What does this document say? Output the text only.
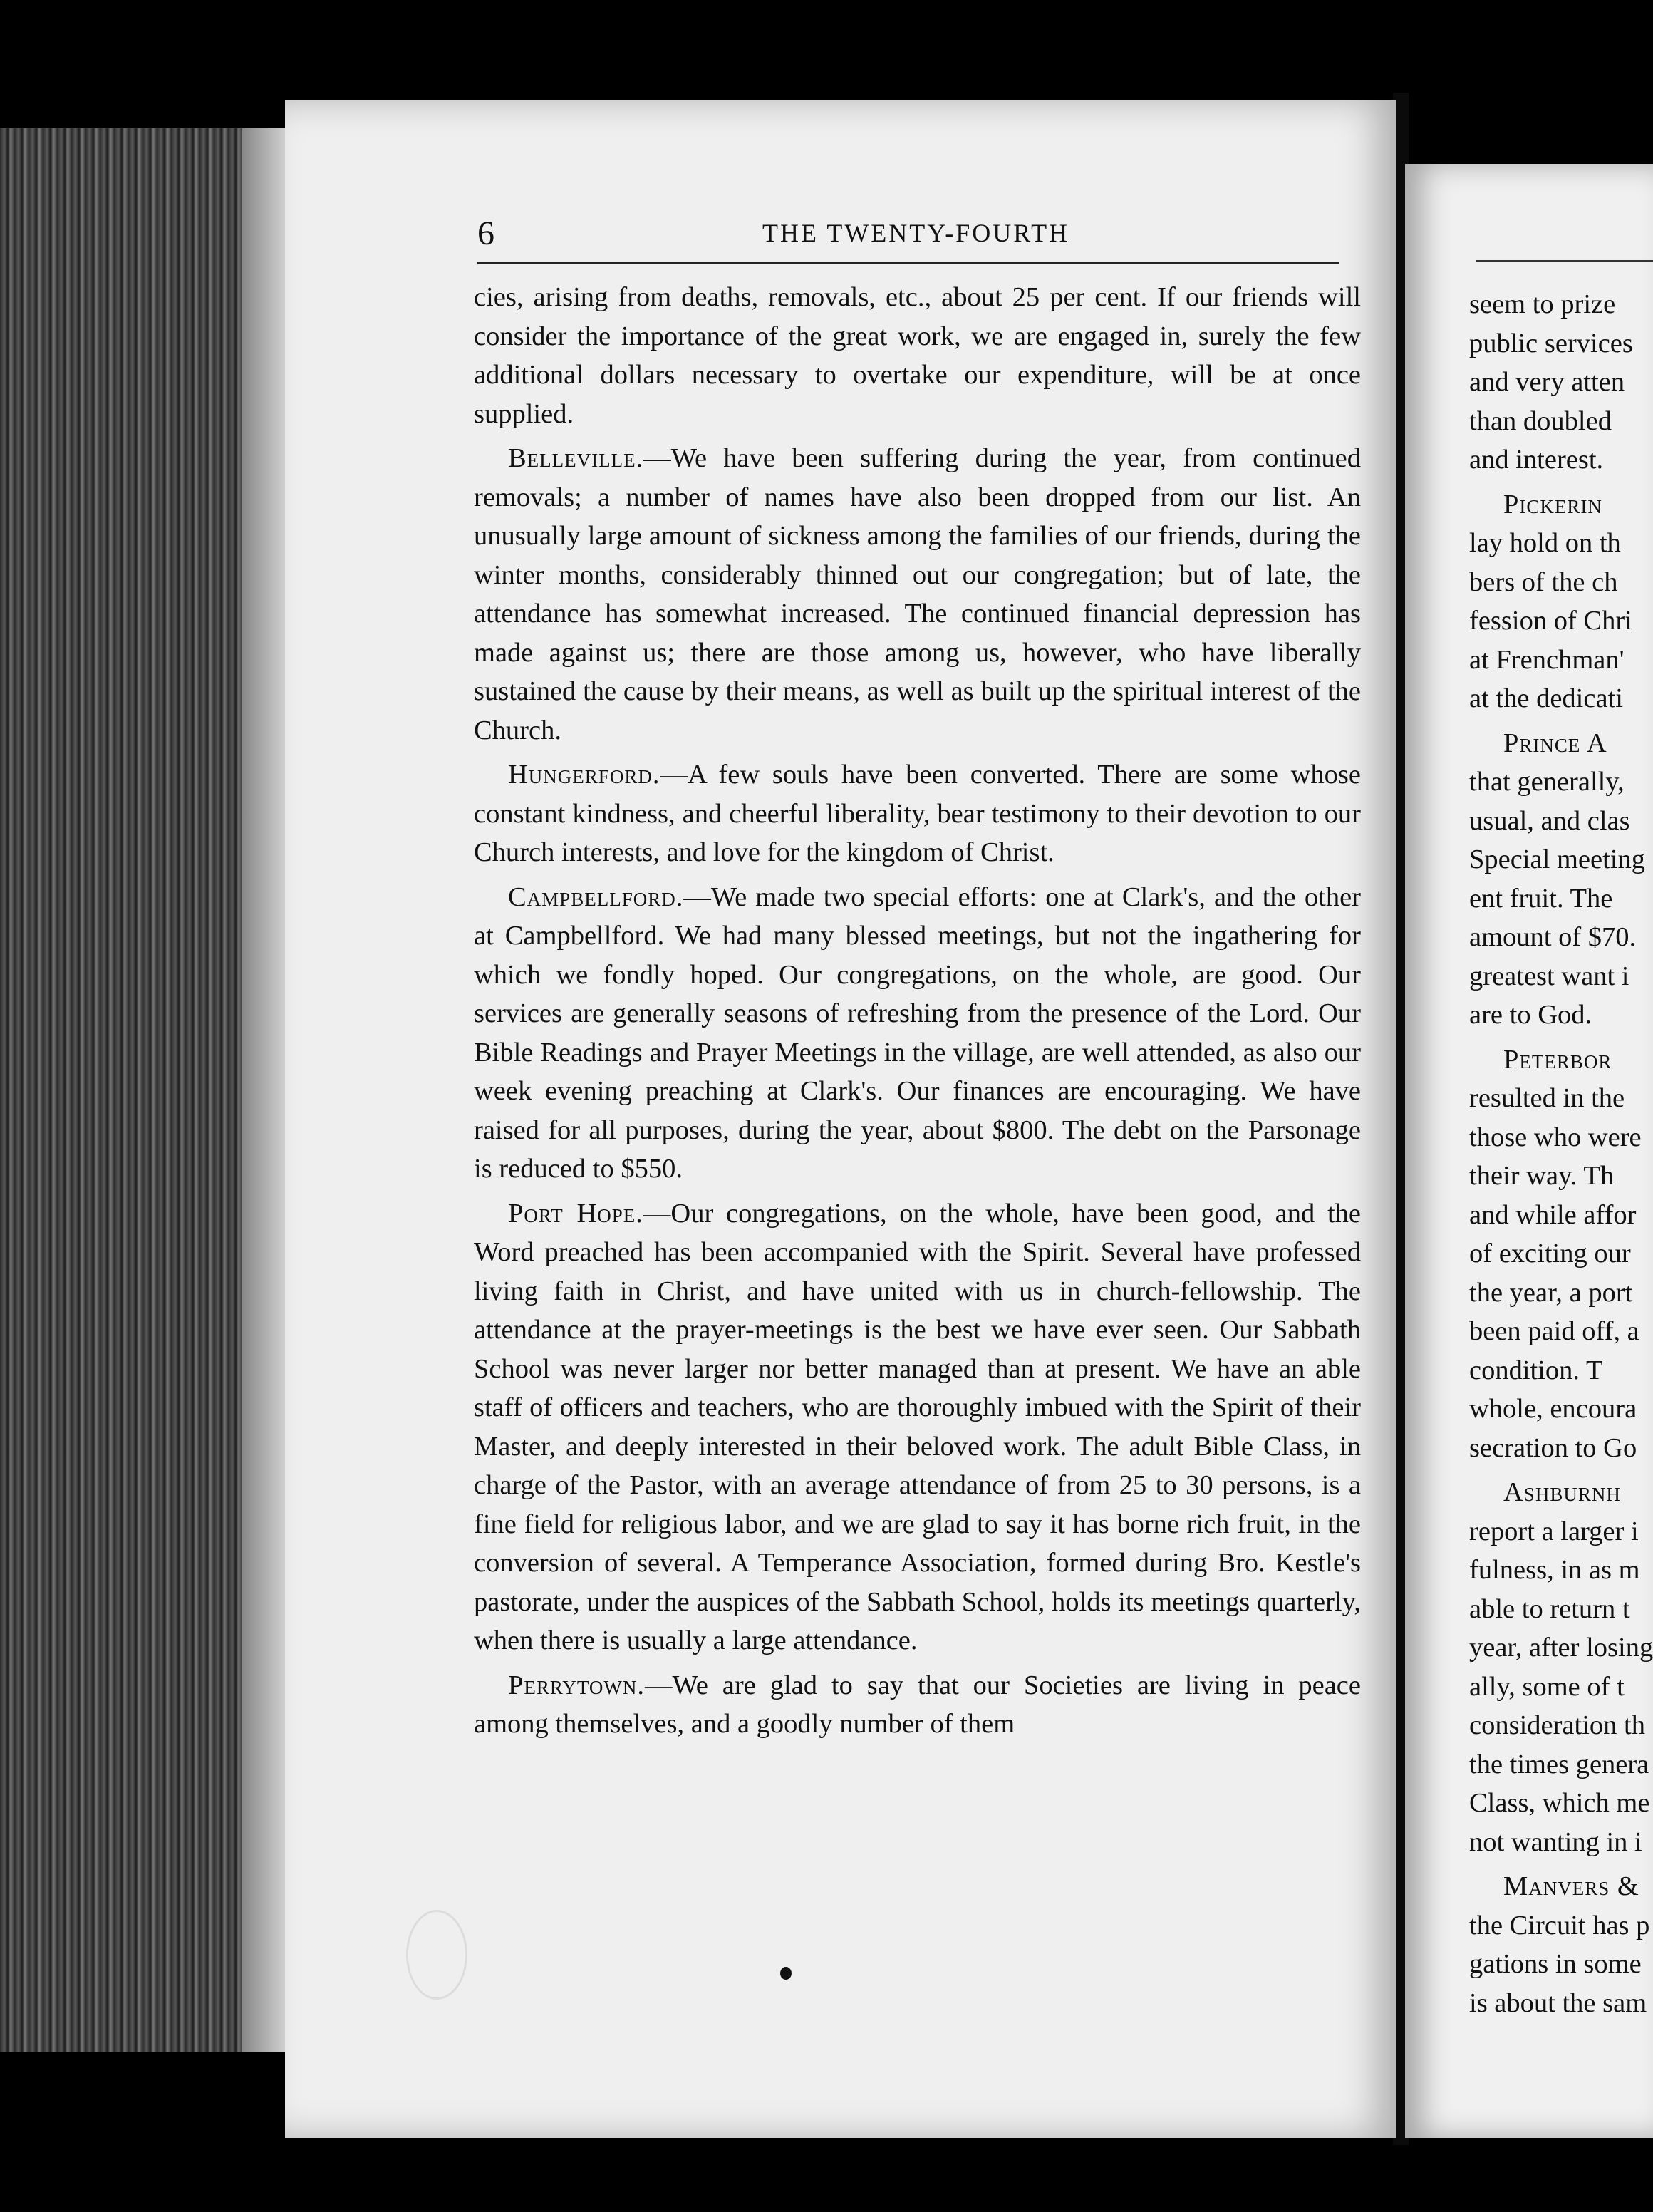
6	THE TWENTY-FOURTH

cies, arising from deaths, removals, etc., about 25 per cent. If our friends will consider the importance of the great work, we are engaged in, surely the few additional dollars necessary to overtake our expenditure, will be at once supplied.

Belleville.—We have been suffering during the year, from continued removals; a number of names have also been dropped from our list. An unusually large amount of sickness among the families of our friends, during the winter months, considerably thinned out our congregation; but of late, the attendance has somewhat increased. The continued financial depression has made against us; there are those among us, however, who have liberally sustained the cause by their means, as well as built up the spiritual interest of the Church.

Hungerford.—A few souls have been converted. There are some whose constant kindness, and cheerful liberality, bear testimony to their devotion to our Church interests, and love for the kingdom of Christ.

Campbellford.—We made two special efforts: one at Clark's, and the other at Campbellford. We had many blessed meetings, but not the ingathering for which we fondly hoped. Our congregations, on the whole, are good. Our services are generally seasons of refreshing from the presence of the Lord. Our Bible Readings and Prayer Meetings in the village, are well attended, as also our week evening preaching at Clark's. Our finances are encouraging. We have raised for all purposes, during the year, about $800. The debt on the Parsonage is reduced to $550.

Port Hope.—Our congregations, on the whole, have been good, and the Word preached has been accompanied with the Spirit. Several have professed living faith in Christ, and have united with us in church-fellowship. The attendance at the prayer-meetings is the best we have ever seen. Our Sabbath School was never larger nor better managed than at present. We have an able staff of officers and teachers, who are thoroughly imbued with the Spirit of their Master, and deeply interested in their beloved work. The adult Bible Class, in charge of the Pastor, with an average attendance of from 25 to 30 persons, is a fine field for religious labor, and we are glad to say it has borne rich fruit, in the conversion of several. A Temperance Association, formed during Bro. Kestle's pastorate, under the auspices of the Sabbath School, holds its meetings quarterly, when there is usually a large attendance.

Perrytown.—We are glad to say that our Societies are living in peace among themselves, and a goodly number of them

seem to prize
public services
and very atten
than doubled
and interest.
Pickerin
lay hold on th
bers of the ch
fession of Chri
at Frenchman'
at the dedicati
Prince A
that generally,
usual, and clas
Special meeting
ent fruit. The
amount of $70.
greatest want i
are to God.
Peterbor
resulted in the
those who were
their way. Th
and while affor
of exciting our
the year, a port
been paid off, a
condition. T
whole, encoura
secration to Go
Ashburnh
report a larger i
fulness, in as m
able to return t
year, after losing
ally, some of t
consideration th
the times genera
Class, which me
not wanting in i
Manvers &
the Circuit has p
gations in some
is about the sam
